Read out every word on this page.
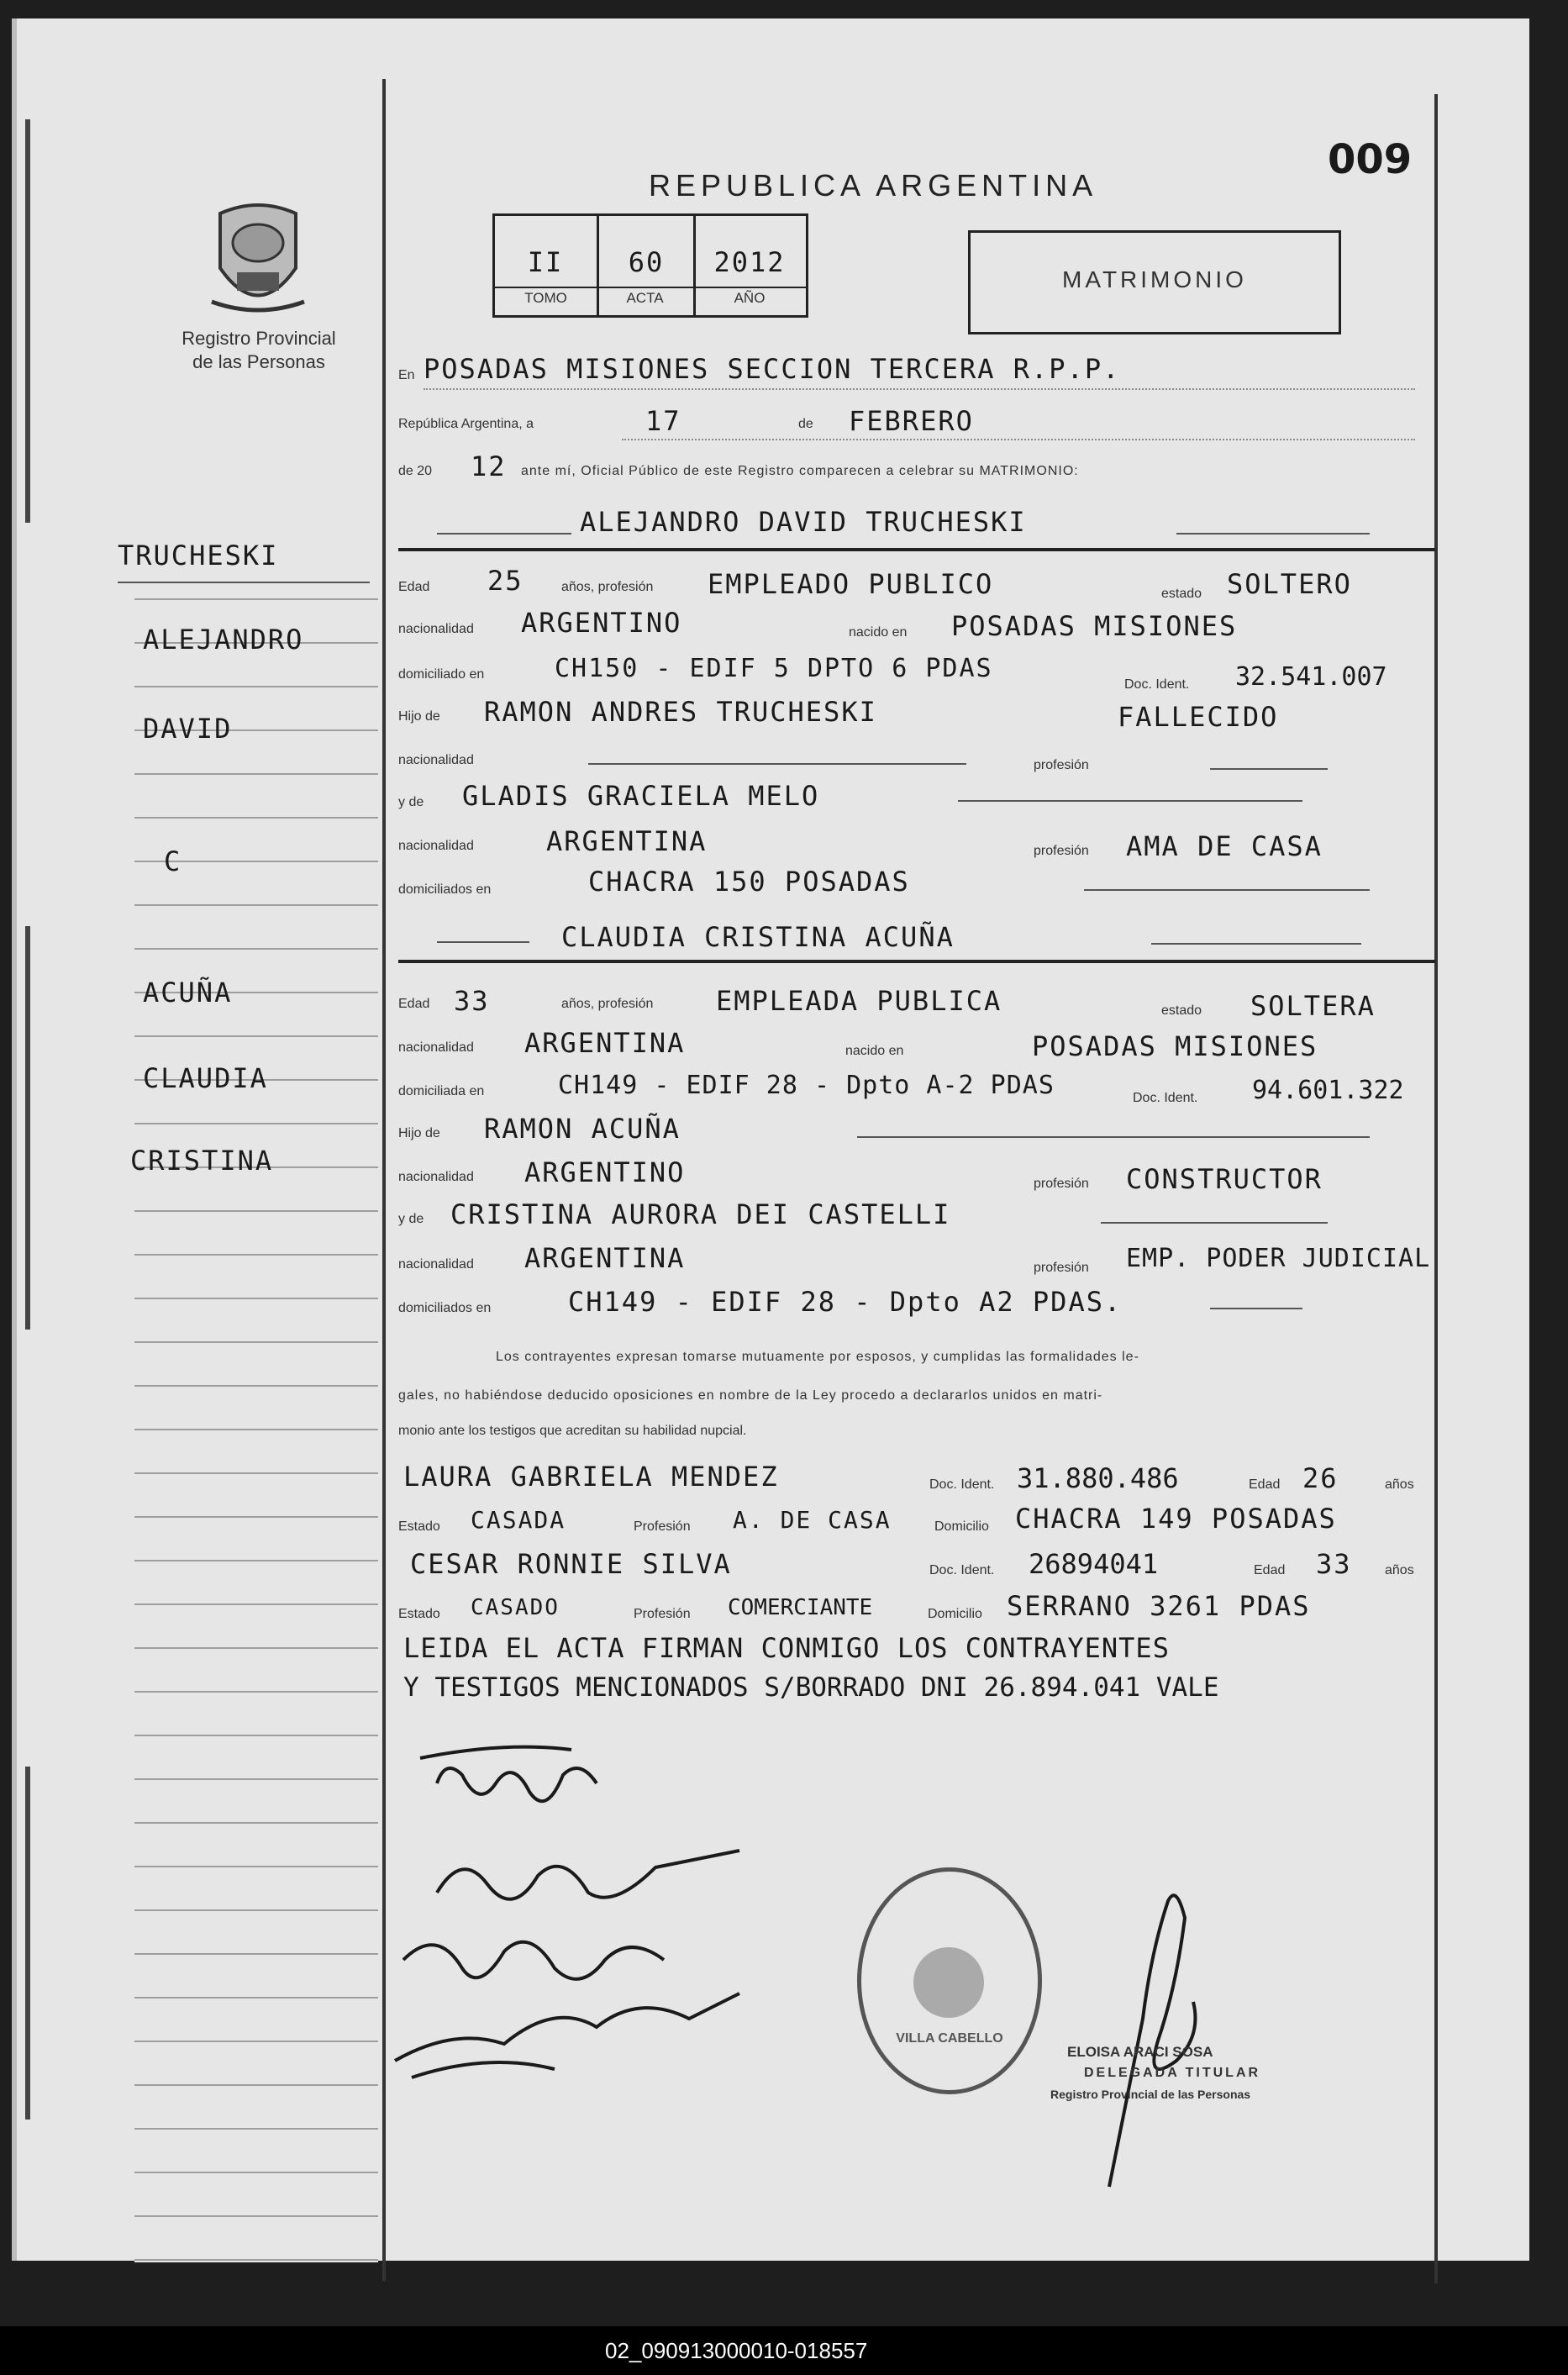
009
Registro Provincial
de las Personas
REPUBLICA ARGENTINA
II	60	2012
TOMO	ACTA	AÑO
MATRIMONIO
TRUCHESKI
ALEJANDRO
DAVID
C
ACUÑA
CLAUDIA
CRISTINA
En POSADAS MISIONES SECCION TERCERA R.P.P.
República Argentina, a	17	de FEBRERO
de 20 12 ante mí, Oficial Público de este Registro comparecen a celebrar su MATRIMONIO:
ALEJANDRO DAVID TRUCHESKI
Edad 25	años, profesión EMPLEADO PUBLICO	estado SOLTERO
nacionalidad ARGENTINO	nacido en POSADAS MISIONES
domiciliado en	CH150 - EDIF 5 DPTO 6 PDAS
Doc. Ident. 32.541.007
Hijo de RAMON ANDRES TRUCHESKI	FALLECIDO
nacionalidad	profesión
y de GLADIS GRACIELA MELO
nacionalidad	ARGENTINA	profesión AMA DE CASA
domiciliados en	CHACRA 150 POSADAS
CLAUDIA CRISTINA ACUÑA
Edad 33	años, profesión EMPLEADA PUBLICA	estado SOLTERA
nacionalidad ARGENTINA	nacido en	POSADAS MISIONES
domiciliada en	CH149 - EDIF 28 - Dpto A-2 PDAS	Doc. Ident. 94.601.322
Hijo de RAMON ACUÑA
nacionalidad ARGENTINO	profesión CONSTRUCTOR
y de CRISTINA AURORA DEI CASTELLI
nacionalidad ARGENTINA	profesión EMP. PODER JUDICIAL
domiciliados en	CH149 - EDIF 28 - Dpto A2 PDAS.
Los contrayentes expresan tomarse mutuamente por esposos, y cumplidas las formalidades le-
gales, no habiéndose deducido oposiciones en nombre de la Ley procedo a declararlos unidos en matri-
monio ante los testigos que acreditan su habilidad nupcial.
LAURA GABRIELA MENDEZ	Doc. Ident. 31.880.486	Edad 26	años
Estado CASADA	Profesión A. DE CASA	Domicilio CHACRA 149 POSADAS
CESAR RONNIE SILVA	Doc. Ident. 26894041	Edad 33 años
Estado CASADO	Profesión COMERCIANTE	Domicilio SERRANO 3261 PDAS
LEIDA EL ACTA FIRMAN CONMIGO LOS CONTRAYENTES
Y TESTIGOS MENCIONADOS S/BORRADO DNI 26.894.041 VALE
VILLA CABELLO
ELOISA ARACI SOSA
DELEGADA TITULAR
Registro Provincial de las Personas
02_090913000010-018557
